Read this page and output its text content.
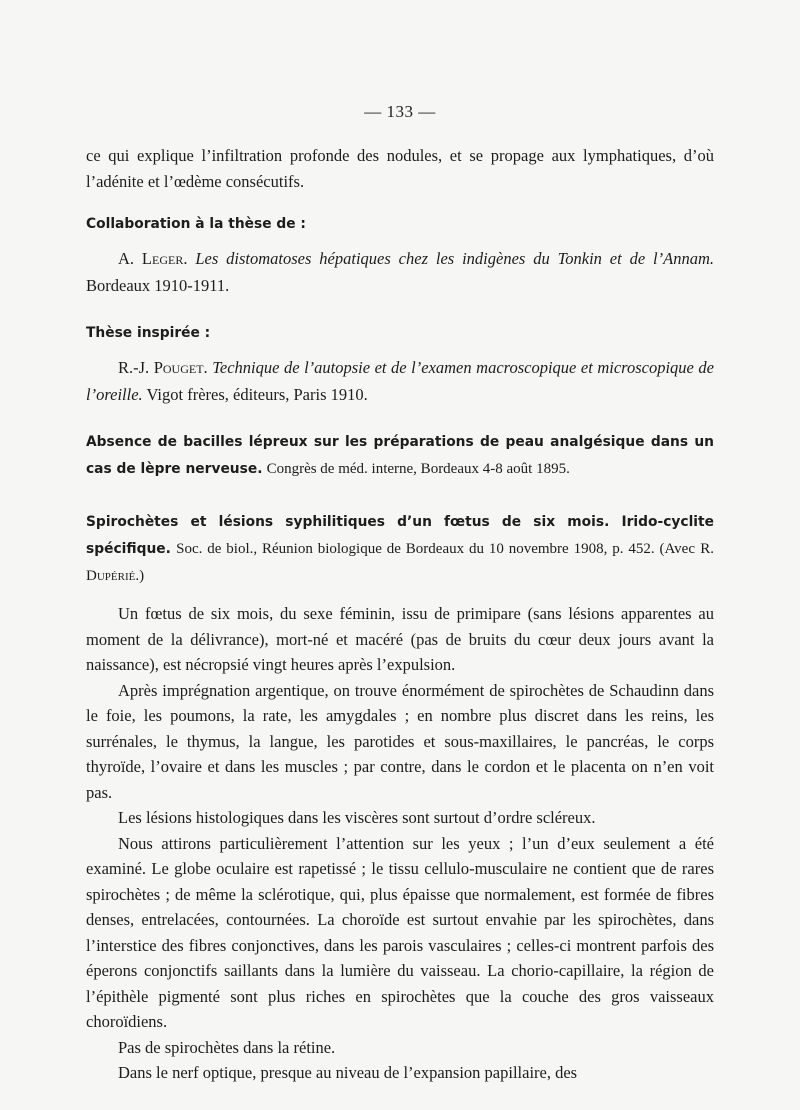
— 133 —

ce qui explique l’infiltration profonde des nodules, et se propage aux lymphatiques, d’où l’adénite et l’œdème consécutifs.

Collaboration à la thèse de :

A. Leger. Les distomatoses hépatiques chez les indigènes du Tonkin et de l’Annam. Bordeaux 1910-1911.

Thèse inspirée :

R.-J. Pouget. Technique de l’autopsie et de l’examen macroscopique et microscopique de l’oreille. Vigot frères, éditeurs, Paris 1910.

Absence de bacilles lépreux sur les préparations de peau analgésique dans un cas de lèpre nerveuse. Congrès de méd. interne, Bordeaux 4-8 août 1895.

Spirochètes et lésions syphilitiques d’un fœtus de six mois. Irido-cyclite spécifique. Soc. de biol., Réunion biologique de Bordeaux du 10 novembre 1908, p. 452. (Avec R. Dupérié.)

Un fœtus de six mois, du sexe féminin, issu de primipare (sans lésions apparentes au moment de la délivrance), mort-né et macéré (pas de bruits du cœur deux jours avant la naissance), est nécropsié vingt heures après l’expulsion.

Après imprégnation argentique, on trouve énormément de spirochètes de Schaudinn dans le foie, les poumons, la rate, les amygdales ; en nombre plus discret dans les reins, les surrénales, le thymus, la langue, les parotides et sous-maxillaires, le pancréas, le corps thyroïde, l’ovaire et dans les muscles ; par contre, dans le cordon et le placenta on n’en voit pas.

Les lésions histologiques dans les viscères sont surtout d’ordre scléreux.

Nous attirons particulièrement l’attention sur les yeux ; l’un d’eux seulement a été examiné. Le globe oculaire est rapetissé ; le tissu cellulo-musculaire ne contient que de rares spirochètes ; de même la sclérotique, qui, plus épaisse que normalement, est formée de fibres denses, entrelacées, contournées. La choroïde est surtout envahie par les spirochètes, dans l’interstice des fibres conjonctives, dans les parois vasculaires ; celles-ci montrent parfois des éperons conjonctifs saillants dans la lumière du vaisseau. La chorio-capillaire, la région de l’épithèle pigmenté sont plus riches en spirochètes que la couche des gros vaisseaux choroïdiens.

Pas de spirochètes dans la rétine.

Dans le nerf optique, presque au niveau de l’expansion papillaire, des
